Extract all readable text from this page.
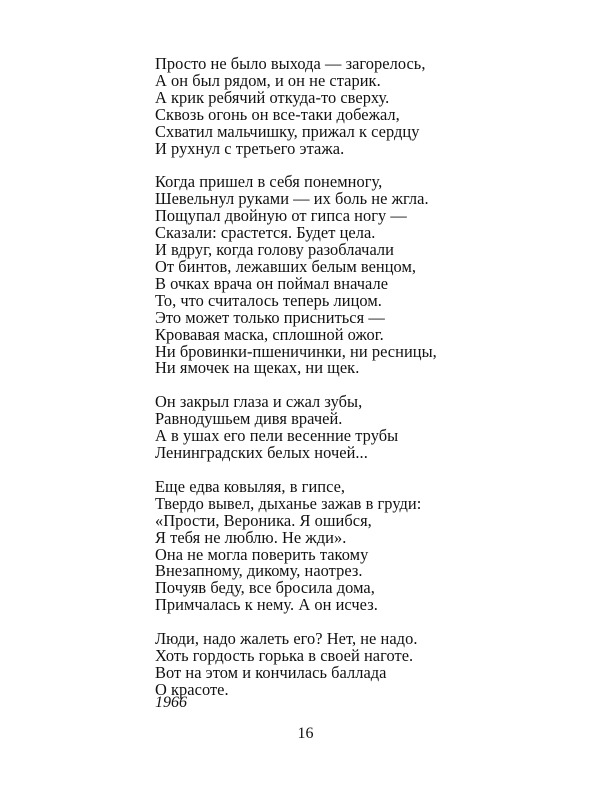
Просто не было выхода — загорелось,
А он был рядом, и он не старик.
А крик ребячий откуда-то сверху.
Сквозь огонь он все-таки добежал,
Схватил мальчишку, прижал к сердцу
И рухнул с третьего этажа.
Когда пришел в себя понемногу,
Шевельнул руками — их боль не жгла.
Пощупал двойную от гипса ногу —
Сказали: срастется. Будет цела.
И вдруг, когда голову разоблачали
От бинтов, лежавших белым венцом,
В очках врача он поймал вначале
То, что считалось теперь лицом.
Это может только присниться —
Кровавая маска, сплошной ожог.
Ни бровинки-пшеничинки, ни ресницы,
Ни ямочек на щеках, ни щек.
Он закрыл глаза и сжал зубы,
Равнодушьем дивя врачей.
А в ушах его пели весенние трубы
Ленинградских белых ночей...
Еще едва ковыляя, в гипсе,
Твердо вывел, дыханье зажав в груди:
«Прости, Вероника. Я ошибся,
Я тебя не люблю. Не жди».
Она не могла поверить такому
Внезапному, дикому, наотрез.
Почуяв беду, все бросила дома,
Примчалась к нему. А он исчез.
Люди, надо жалеть его? Нет, не надо.
Хоть гордость горька в своей наготе.
Вот на этом и кончилась баллада
О красоте.
1966
16
